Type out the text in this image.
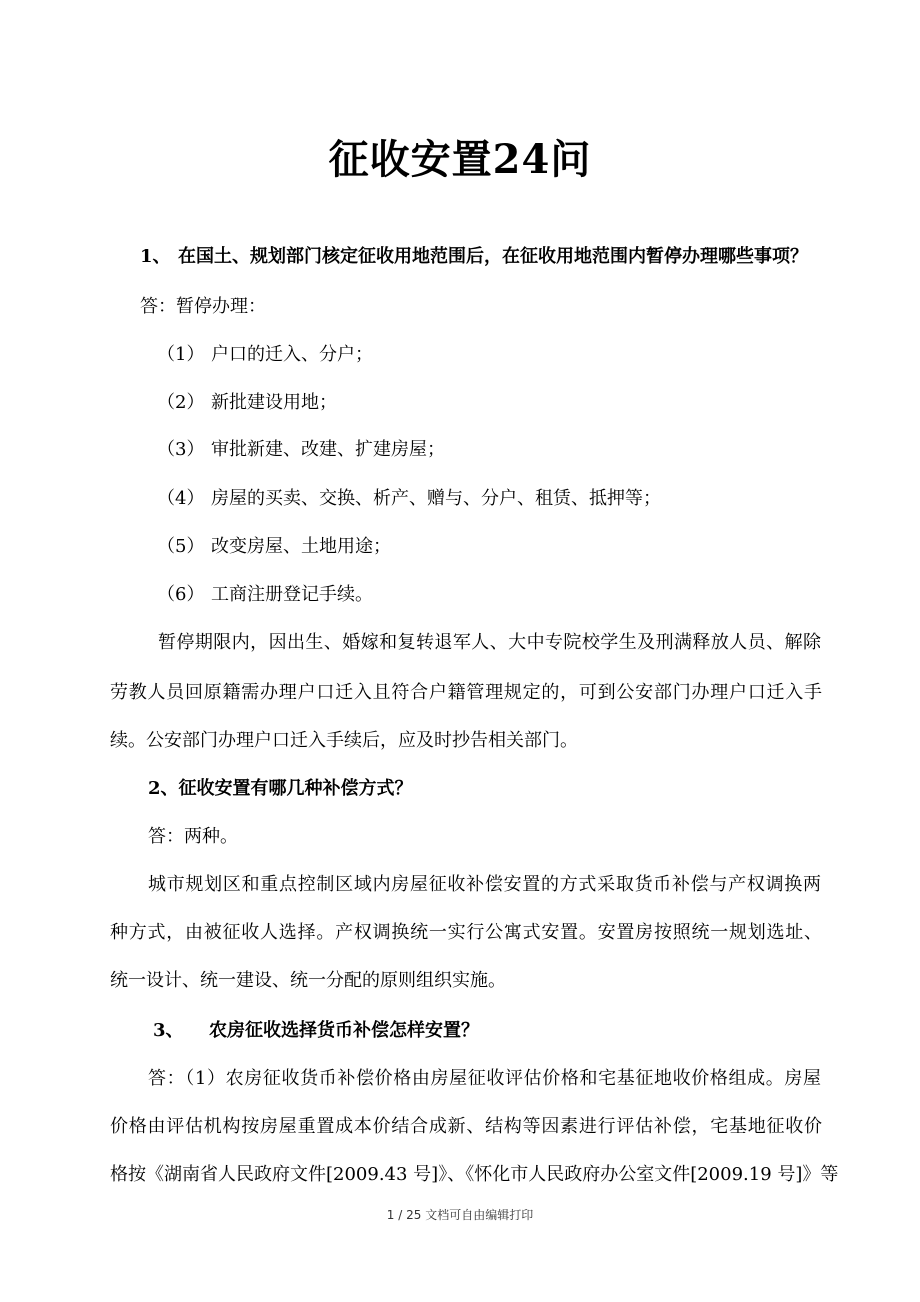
征收安置24问
1、 在国土、规划部门核定征收用地范围后，在征收用地范围内暂停办理哪些事项？
答：暂停办理：
（1） 户口的迁入、分户；
（2） 新批建设用地；
（3） 审批新建、改建、扩建房屋；
（4） 房屋的买卖、交换、析产、赠与、分户、租赁、抵押等；
（5） 改变房屋、土地用途；
（6） 工商注册登记手续。
暂停期限内，因出生、婚嫁和复转退军人、大中专院校学生及刑满释放人员、解除
劳教人员回原籍需办理户口迁入且符合户籍管理规定的，可到公安部门办理户口迁入手
续。公安部门办理户口迁入手续后，应及时抄告相关部门。
2、征收安置有哪几种补偿方式？
答：两种。
城市规划区和重点控制区域内房屋征收补偿安置的方式采取货币补偿与产权调换两
种方式，由被征收人选择。产权调换统一实行公寓式安置。安置房按照统一规划选址、
统一设计、统一建设、统一分配的原则组织实施。
3、 农房征收选择货币补偿怎样安置？
答：（1）农房征收货币补偿价格由房屋征收评估价格和宅基征地收价格组成。房屋
价格由评估机构按房屋重置成本价结合成新、结构等因素进行评估补偿，宅基地征收价
格按《湖南省人民政府文件[2009.43 号]》、《怀化市人民政府办公室文件[2009.19 号]》等
1 / 25 文档可自由编辑打印
